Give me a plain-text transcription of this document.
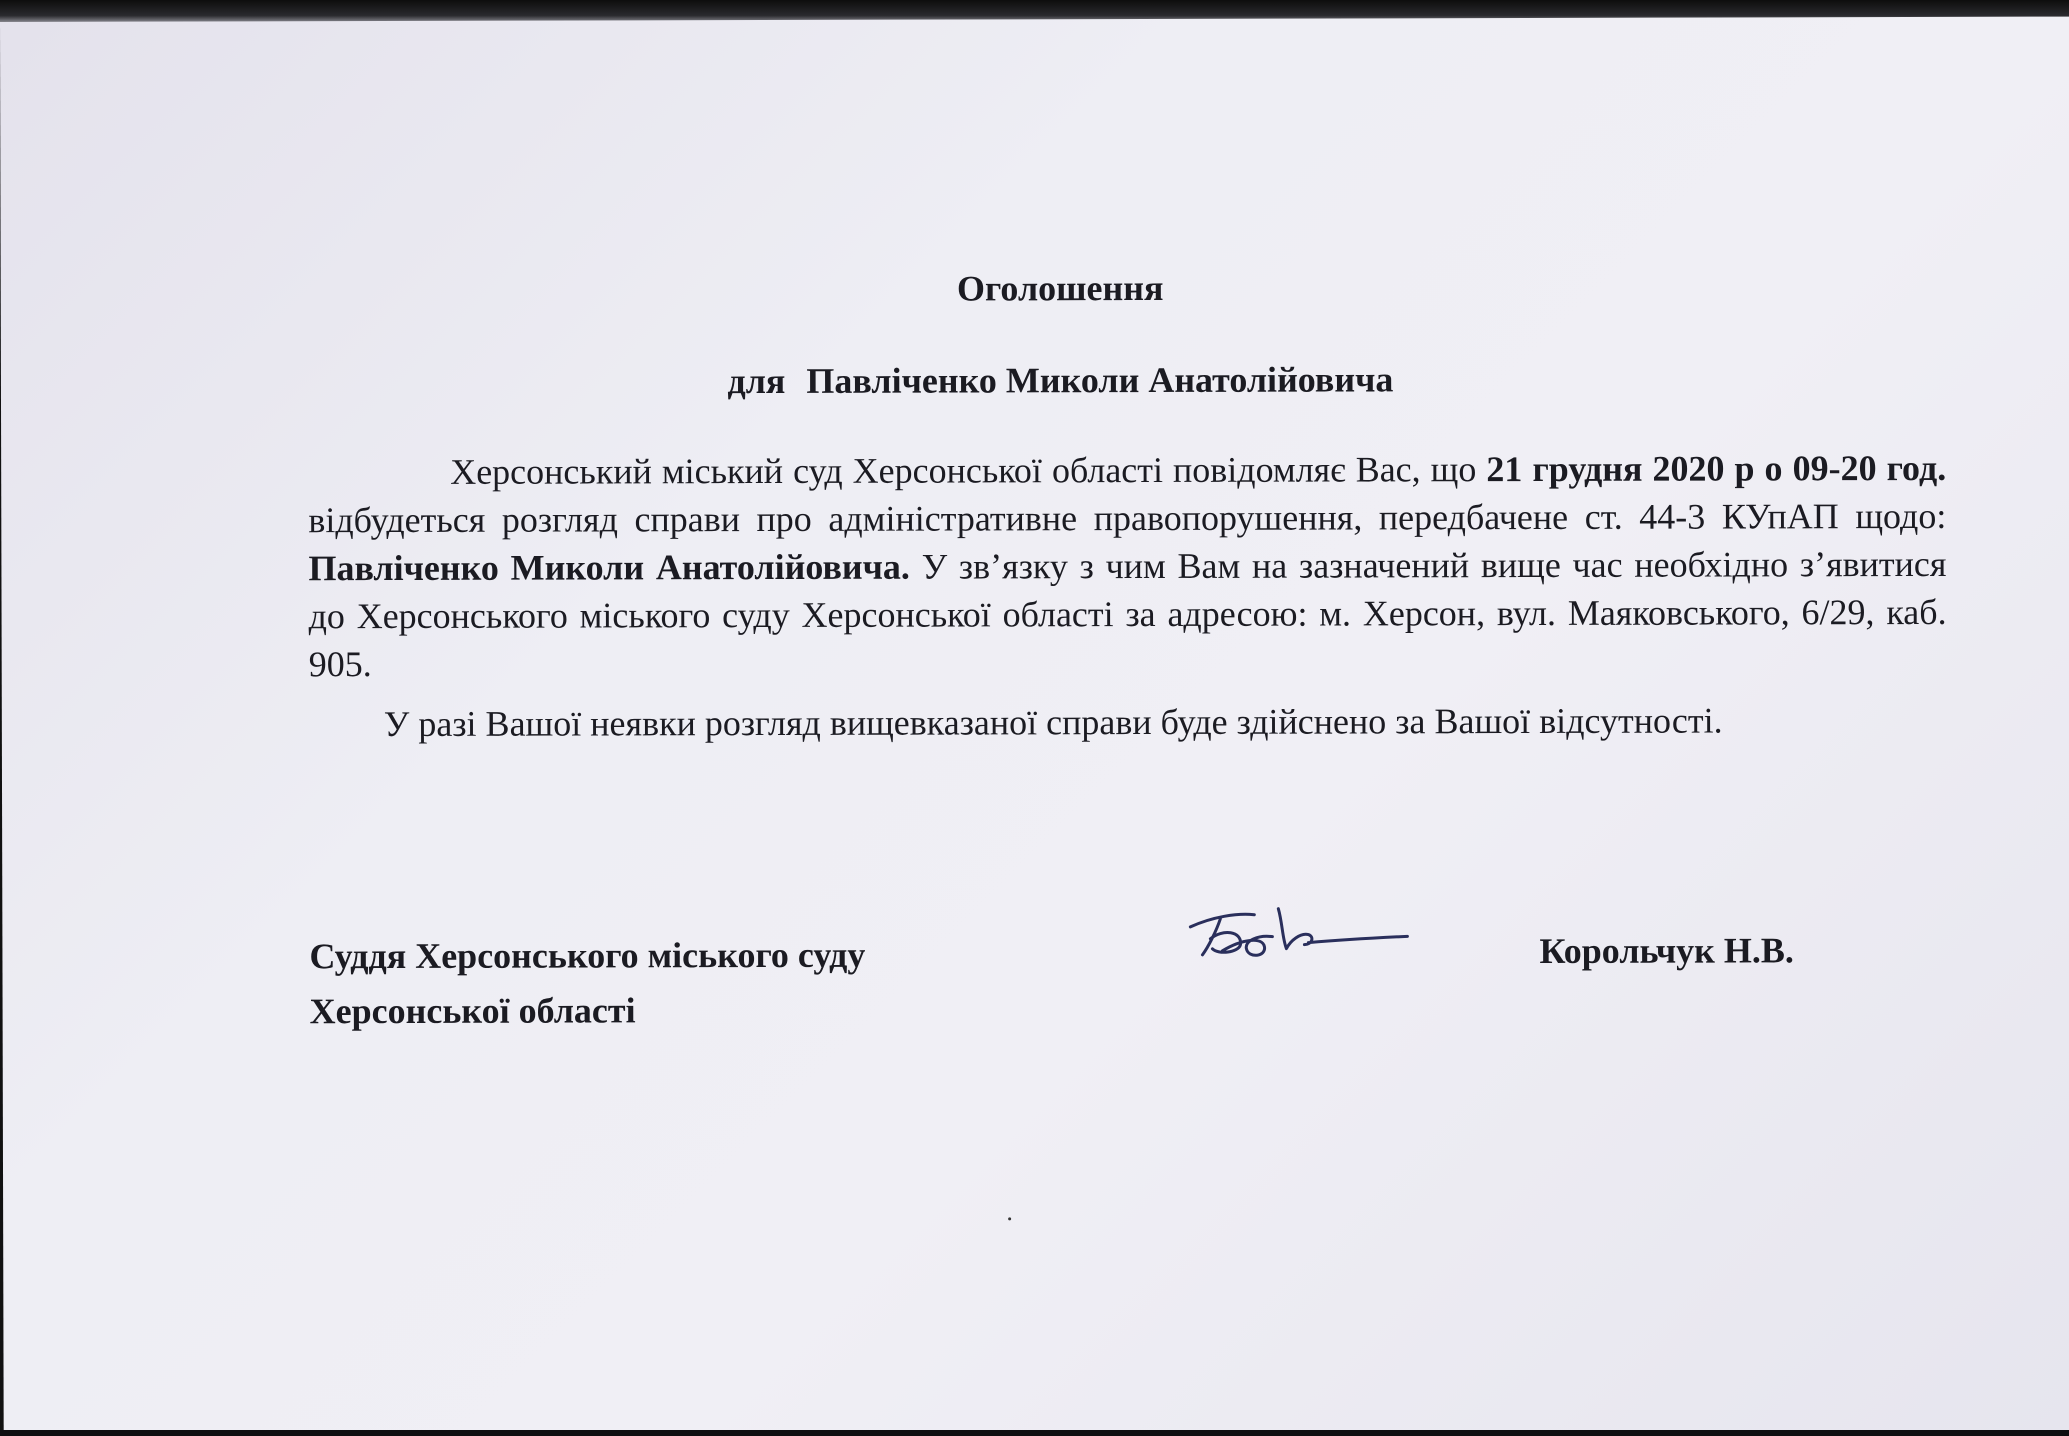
Оголошення
для Павліченко Миколи Анатолійовича

Херсонський міський суд Херсонської області повідомляє Вас, що 21 грудня 2020 р о 09-20 год. відбудеться розгляд справи про адміністративне правопорушення, передбачене ст. 44-3 КУпАП щодо: Павліченко Миколи Анатолійовича. У зв’язку з чим Вам на зазначений вище час необхідно з’явитися до Херсонського міського суду Херсонської області за адресою: м. Херсон, вул. Маяковського, 6/29, каб. 905.

У разі Вашої неявки розгляд вищевказаної справи буде здійснено за Вашої відсутності.

Суддя Херсонського міського суду
Херсонської області
Корольчук Н.В.
